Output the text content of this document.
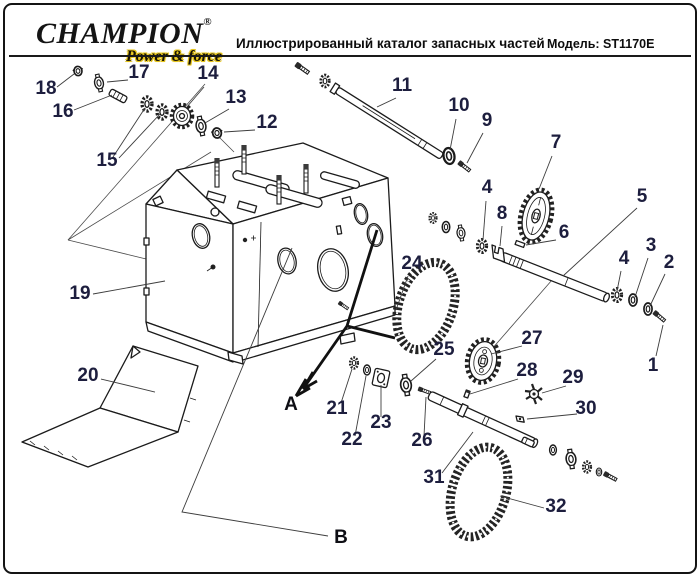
CHAMPION®
Иллюстрированный каталог запасных частей Модель: ST1170E
18
17
16
15
14
13
12
11
10
9
7
4
8
6
5
4
3
2
1
19
20
24
27
25
21
22
23
26
28 29
30
31
32
A
B
